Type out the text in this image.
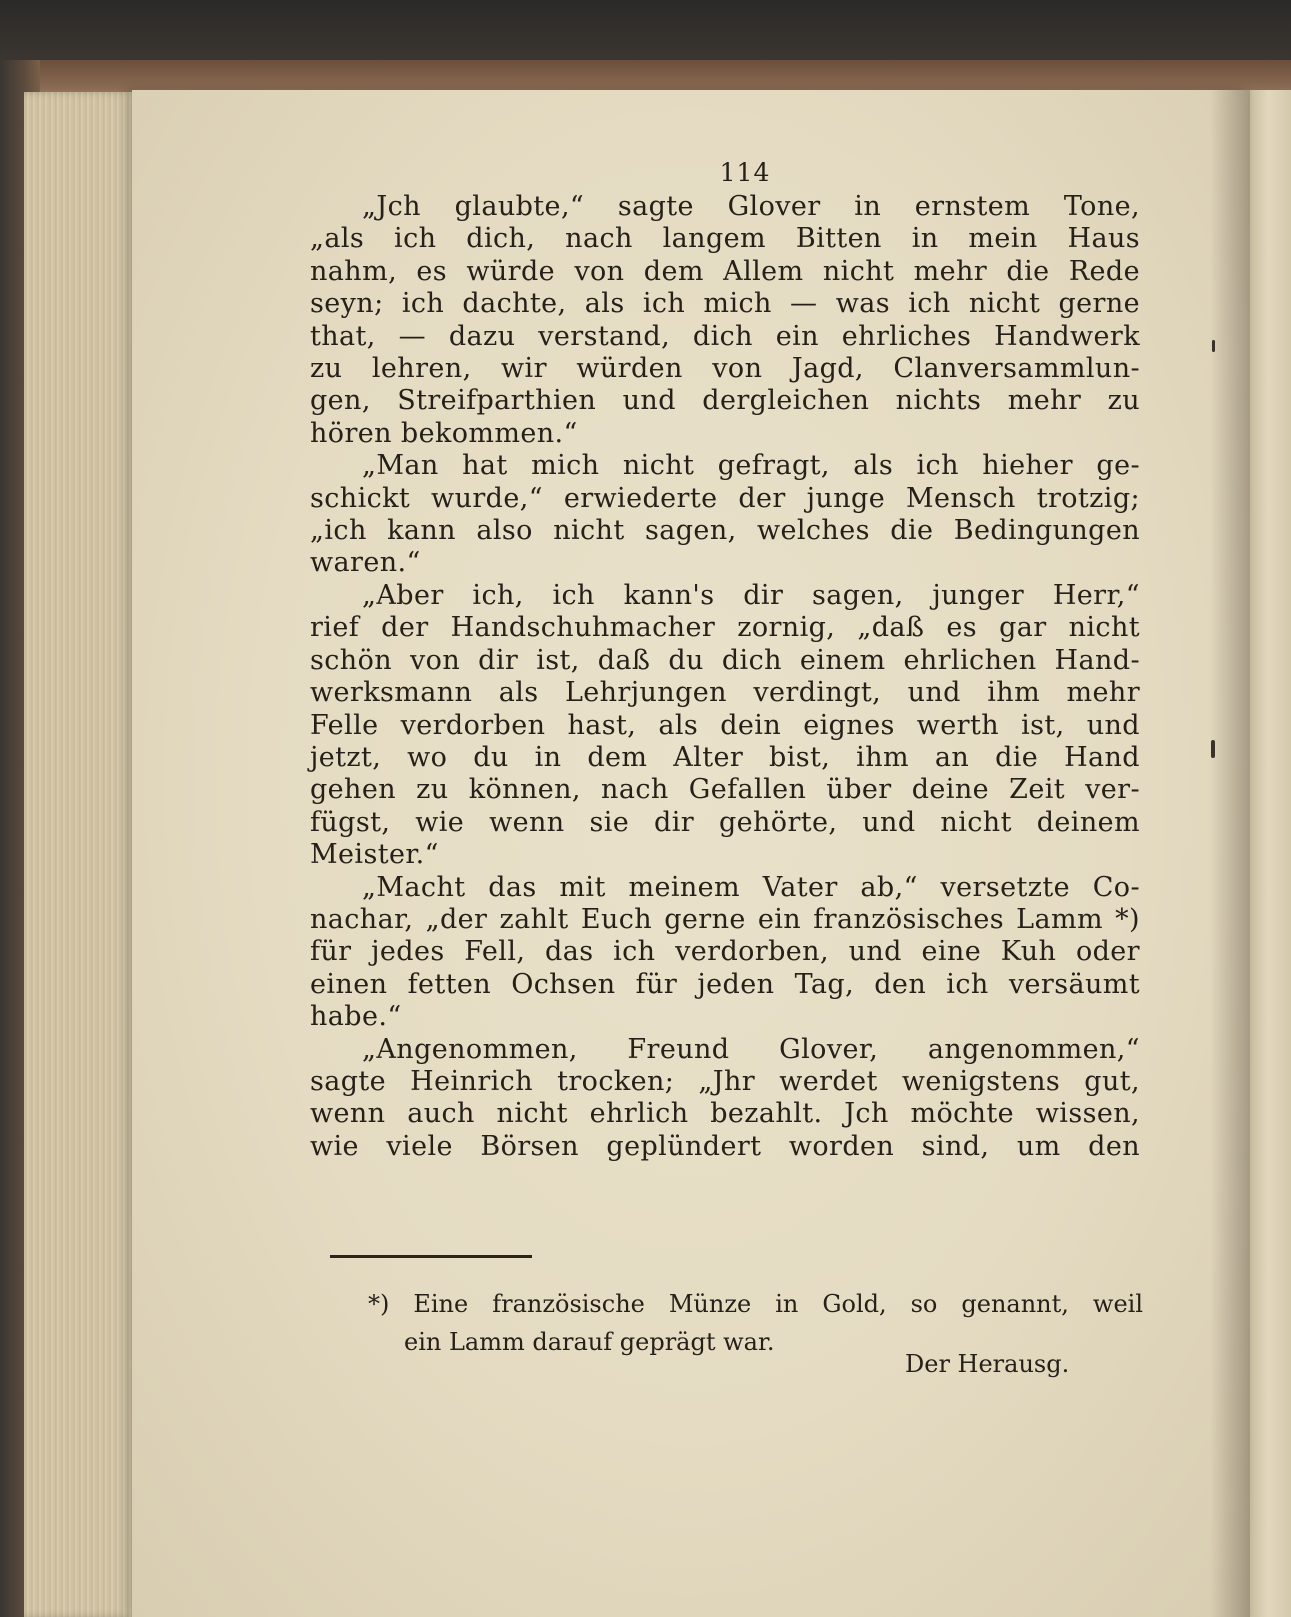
114

„Jch glaubte,“ sagte Glover in ernstem Tone,
„als ich dich, nach langem Bitten in mein Haus
nahm, es würde von dem Allem nicht mehr die Rede
seyn; ich dachte, als ich mich — was ich nicht gerne
that, — dazu verstand, dich ein ehrliches Handwerk
zu lehren, wir würden von Jagd, Clanversammlun-
gen, Streifparthien und dergleichen nichts mehr zu
hören bekommen.“

„Man hat mich nicht gefragt, als ich hieher ge-
schickt wurde,“ erwiederte der junge Mensch trotzig;
„ich kann also nicht sagen, welches die Bedingungen
waren.“

„Aber ich, ich kann's dir sagen, junger Herr,“
rief der Handschuhmacher zornig, „daß es gar nicht
schön von dir ist, daß du dich einem ehrlichen Hand-
werksmann als Lehrjungen verdingt, und ihm mehr
Felle verdorben hast, als dein eignes werth ist, und
jetzt, wo du in dem Alter bist, ihm an die Hand
gehen zu können, nach Gefallen über deine Zeit ver-
fügst, wie wenn sie dir gehörte, und nicht deinem
Meister.“

„Macht das mit meinem Vater ab,“ versetzte Co-
nachar, „der zahlt Euch gerne ein französisches Lamm *)
für jedes Fell, das ich verdorben, und eine Kuh oder
einen fetten Ochsen für jeden Tag, den ich versäumt
habe.“

„Angenommen, Freund Glover, angenommen,“
sagte Heinrich trocken; „Jhr werdet wenigstens gut,
wenn auch nicht ehrlich bezahlt. Jch möchte wissen,
wie viele Börsen geplündert worden sind, um den

*) Eine französische Münze in Gold, so genannt, weil
ein Lamm darauf geprägt war.
Der Herausg.
